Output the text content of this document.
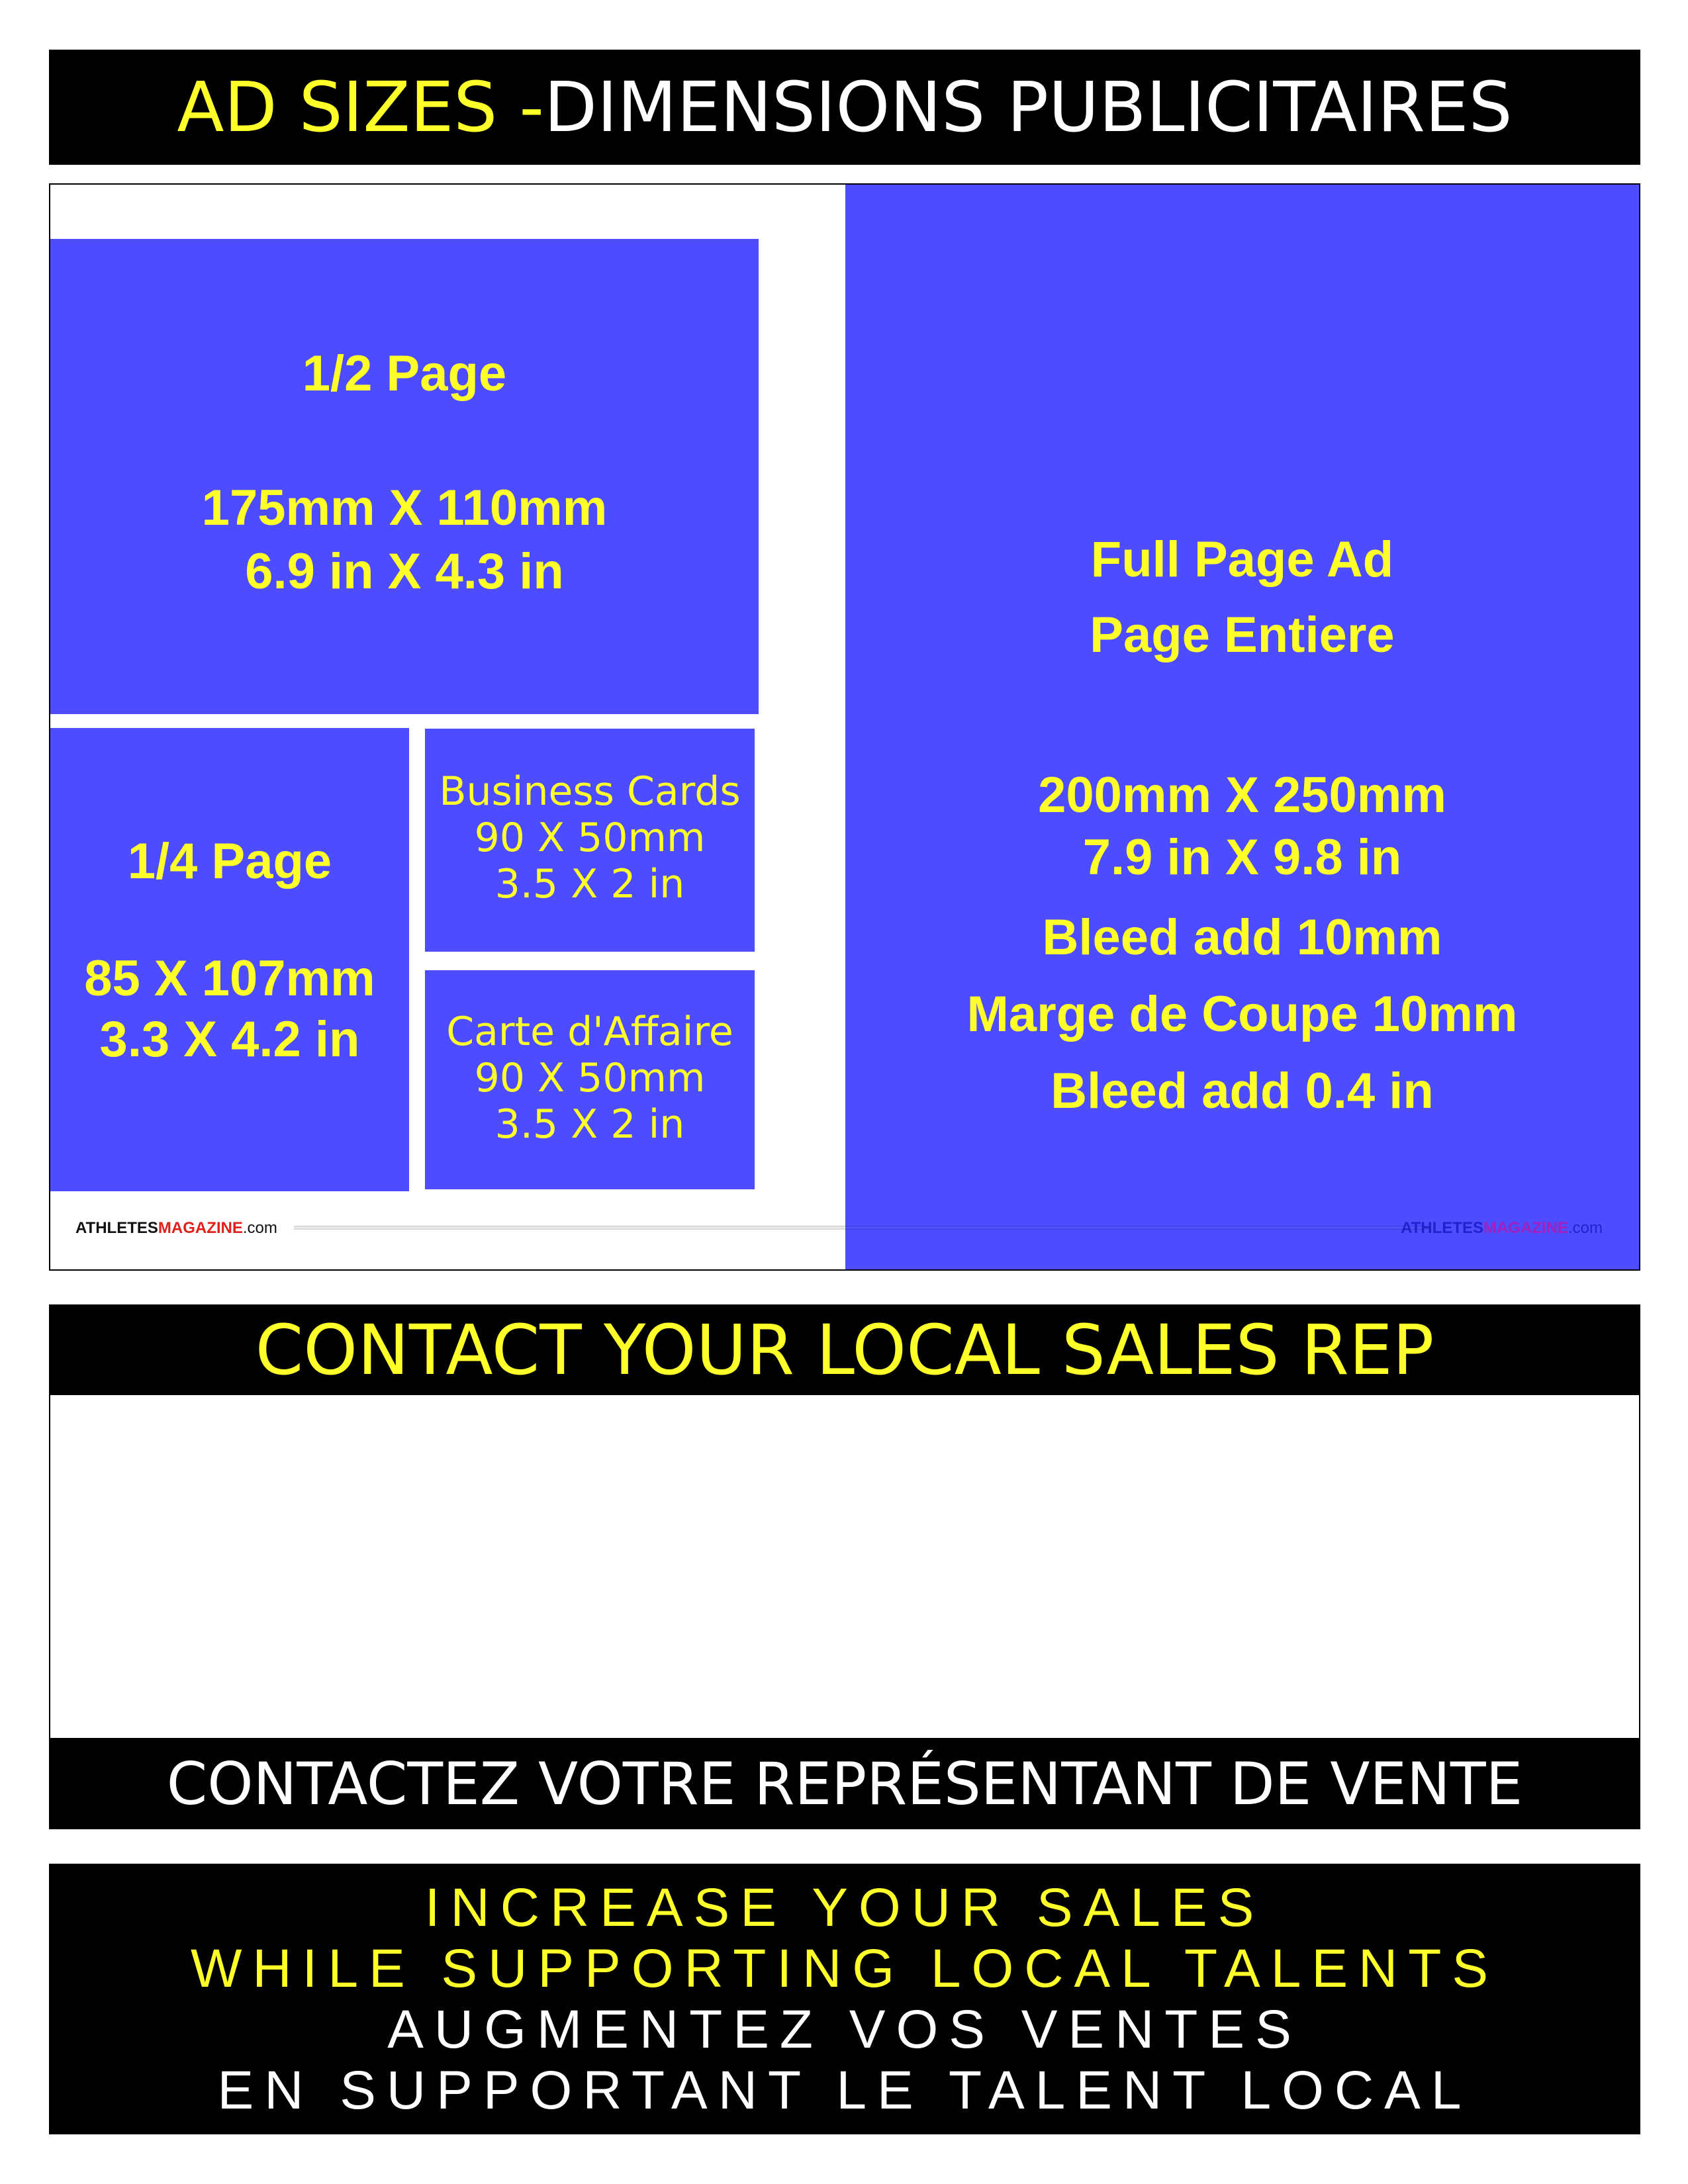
AD SIZES - DIMENSIONS PUBLICITAIRES
1/2 Page
175mm X 110mm
6.9 in X 4.3 in
1/4 Page
85 X 107mm
3.3 X 4.2 in
Business Cards
90 X 50mm
3.5 X 2 in
Carte d'Affaire
90 X 50mm
3.5 X 2 in
Full Page Ad
Page Entiere
200mm X 250mm
7.9 in X 9.8 in
Bleed add 10mm
Marge de Coupe 10mm
Bleed add 0.4 in
ATHLETESMAGAZINE.com	ATHLETESMAGAZINE.com
CONTACT YOUR LOCAL SALES REP
CONTACTEZ VOTRE REPRÉSENTANT DE VENTE
INCREASE YOUR SALES
WHILE SUPPORTING LOCAL TALENTS
AUGMENTEZ VOS VENTES
EN SUPPORTANT LE TALENT LOCAL
